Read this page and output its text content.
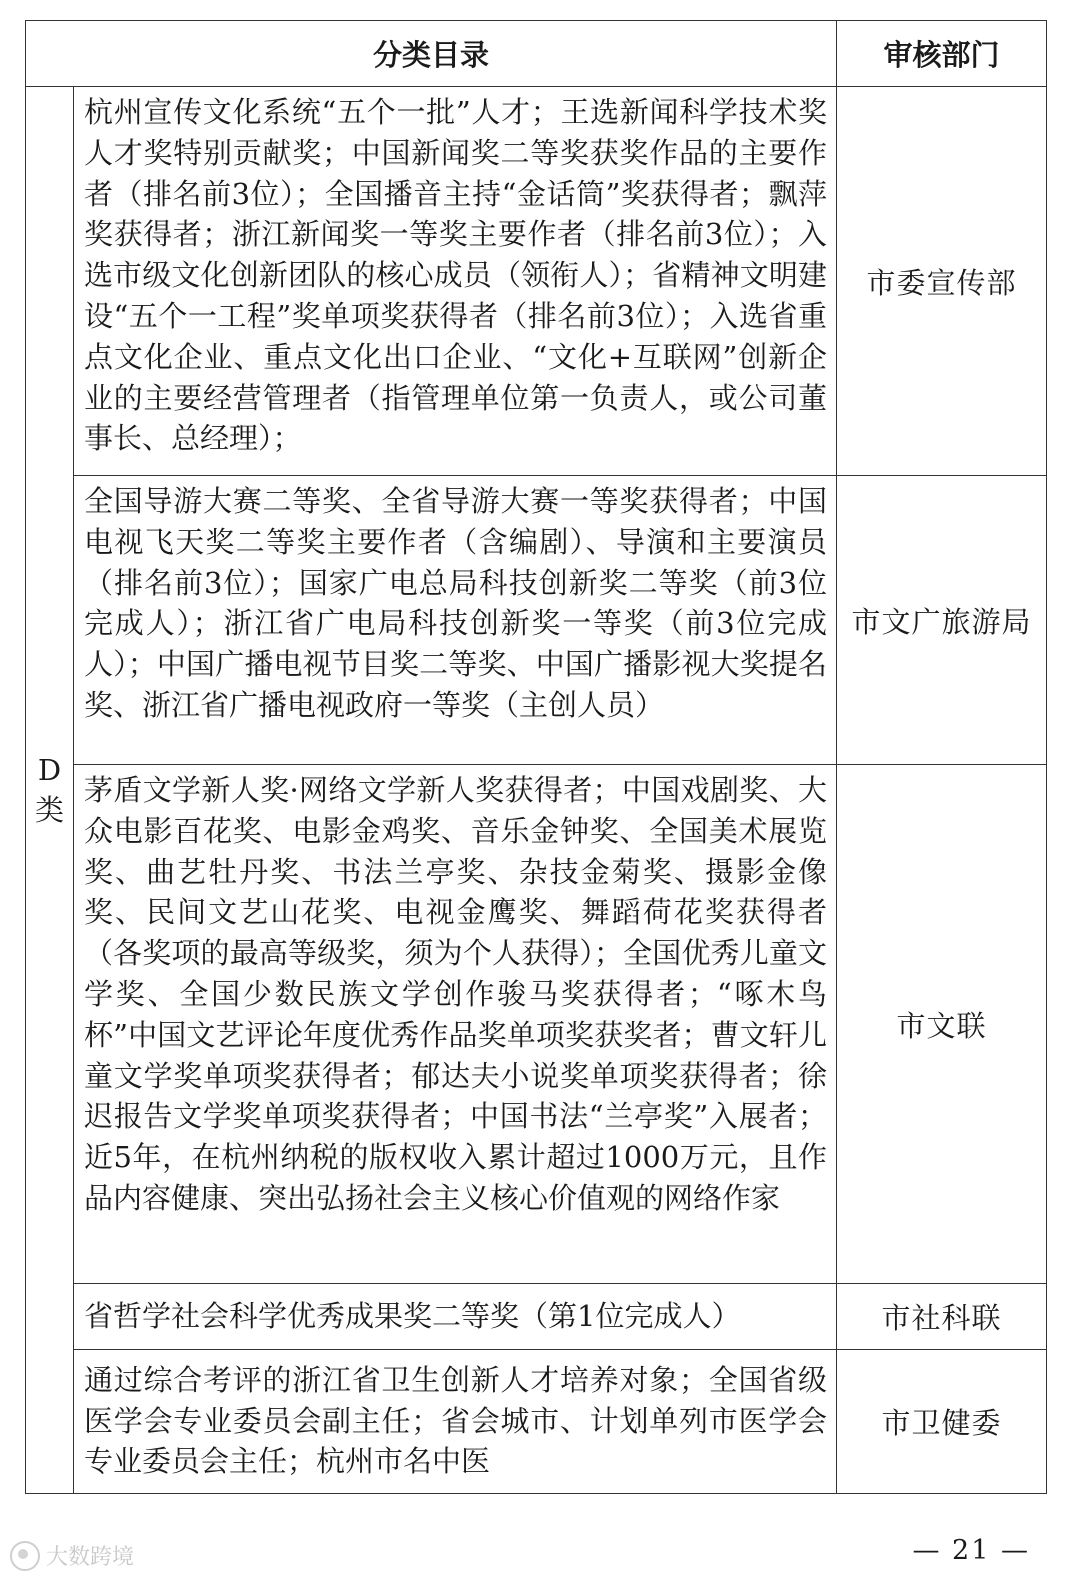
分类目录		审核部门
D
类	杭州宣传文化系统“五个一批”人才；王选新闻科学技术奖人才奖特别贡献奖；中国新闻奖二等奖获奖作品的主要作者（排名前3位）；全国播音主持“金话筒”奖获得者；飘萍奖获得者；浙江新闻奖一等奖主要作者（排名前3位）；入选市级文化创新团队的核心成员（领衔人）；省精神文明建设“五个一工程”奖单项奖获得者（排名前3位）；入选省重点文化企业、重点文化出口企业、“文化+互联网”创新企业的主要经营管理者（指管理单位第一负责人，或公司董事长、总经理）；	市委宣传部
	全国导游大赛二等奖、全省导游大赛一等奖获得者；中国电视飞天奖二等奖主要作者（含编剧）、导演和主要演员（排名前3位）；国家广电总局科技创新奖二等奖（前3位完成人）；浙江省广电局科技创新奖一等奖（前3位完成人）；中国广播电视节目奖二等奖、中国广播影视大奖提名奖、浙江省广播电视政府一等奖（主创人员）	市文广旅游局
	茅盾文学新人奖·网络文学新人奖获得者；中国戏剧奖、大众电影百花奖、电影金鸡奖、音乐金钟奖、全国美术展览奖、曲艺牡丹奖、书法兰亭奖、杂技金菊奖、摄影金像奖、民间文艺山花奖、电视金鹰奖、舞蹈荷花奖获得者（各奖项的最高等级奖，须为个人获得）；全国优秀儿童文学奖、全国少数民族文学创作骏马奖获得者；“啄木鸟杯”中国文艺评论年度优秀作品奖单项奖获奖者；曹文轩儿童文学奖单项奖获得者；郁达夫小说奖单项奖获得者；徐迟报告文学奖单项奖获得者；中国书法“兰亭奖”入展者；近5年，在杭州纳税的版权收入累计超过1000万元，且作品内容健康、突出弘扬社会主义核心价值观的网络作家	市文联
	省哲学社会科学优秀成果奖二等奖（第1位完成人）	市社科联
	通过综合考评的浙江省卫生创新人才培养对象；全国省级医学会专业委员会副主任；省会城市、计划单列市医学会专业委员会主任；杭州市名中医	市卫健委
大数跨境	— 21 —
